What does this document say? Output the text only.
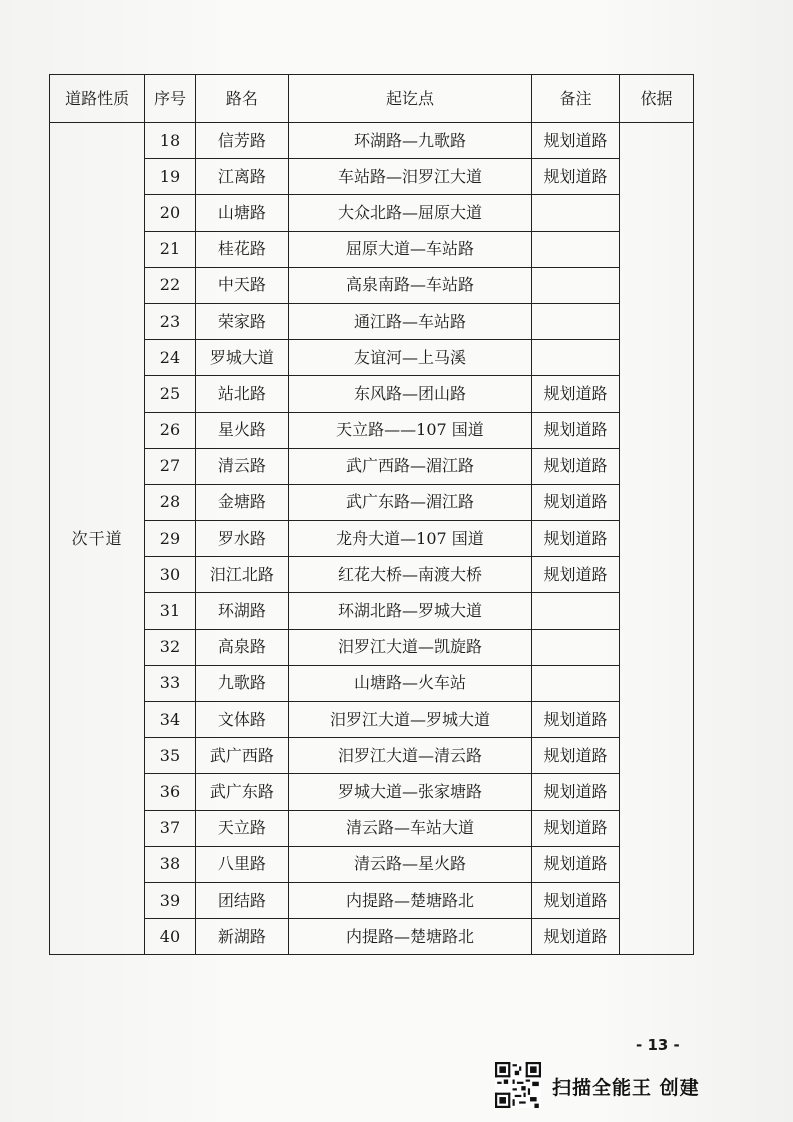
道路性质	序号	路名	起讫点	备注	依据
次干道	18	信芳路	环湖路—九歌路	规划道路	
	19	江离路	车站路—汨罗江大道	规划道路	
	20	山塘路	大众北路—屈原大道		
	21	桂花路	屈原大道—车站路		
	22	中天路	高泉南路—车站路		
	23	荣家路	通江路—车站路		
	24	罗城大道	友谊河—上马溪		
	25	站北路	东风路—团山路	规划道路	
	26	星火路	天立路——107 国道	规划道路	
	27	清云路	武广西路—湄江路	规划道路	
	28	金塘路	武广东路—湄江路	规划道路	
	29	罗水路	龙舟大道—107 国道	规划道路	
	30	汨江北路	红花大桥—南渡大桥	规划道路	
	31	环湖路	环湖北路—罗城大道		
	32	高泉路	汨罗江大道—凯旋路		
	33	九歌路	山塘路—火车站		
	34	文体路	汨罗江大道—罗城大道	规划道路	
	35	武广西路	汨罗江大道—清云路	规划道路	
	36	武广东路	罗城大道—张家塘路	规划道路	
	37	天立路	清云路—车站大道	规划道路	
	38	八里路	清云路—星火路	规划道路	
	39	团结路	内提路—楚塘路北	规划道路	
	40	新湖路	内提路—楚塘路北	规划道路	
- 13 -
扫描全能王 创建
